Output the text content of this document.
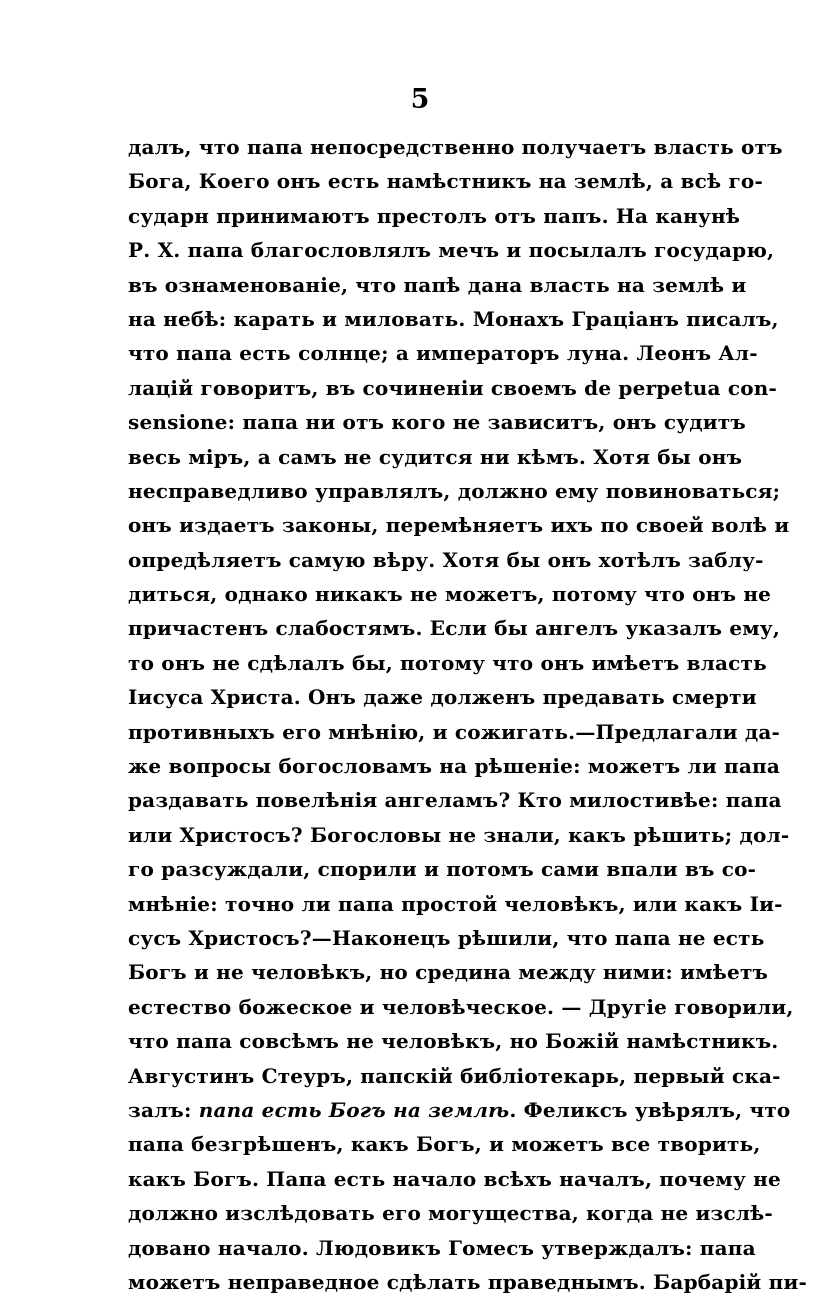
5
далъ, что папа непосредственно получаетъ власть отъ
Бога, Коего онъ есть намѣстникъ на землѣ, а всѣ го-
сударн принимаютъ престолъ отъ папъ. На канунѣ
Р. Х. папа благословлялъ мечъ и посылалъ государю,
въ ознаменованіе, что папѣ дана власть на землѣ и
на небѣ: карать и миловать. Монахъ Граціанъ писалъ,
что папа есть солнце; а императоръ луна. Леонъ Ал-
лацій говоритъ, въ сочиненіи своемъ de perpetua con-
sensione: папа ни отъ кого не зависитъ, онъ судитъ
весь міръ, а самъ не судится ни кѣмъ. Хотя бы онъ
несправедливо управлялъ, должно ему повиноваться;
онъ издаетъ законы, перемѣняетъ ихъ по своей волѣ и
опредѣляетъ самую вѣру. Хотя бы онъ хотѣлъ заблу-
диться, однако никакъ не можетъ, потому что онъ не
причастенъ слабостямъ. Если бы ангелъ указалъ ему,
то онъ не сдѣлалъ бы, потому что онъ имѣетъ власть
Іисуса Христа. Онъ даже долженъ предавать смерти
противныхъ его мнѣнію, и сожигать.—Предлагали да-
же вопросы богословамъ на рѣшеніе: можетъ ли папа
раздавать повелѣнія ангеламъ? Кто милостивѣе: папа
или Христосъ? Богословы не знали, какъ рѣшить; дол-
го разсуждали, спорили и потомъ сами впали въ со-
мнѣніе: точно ли папа простой человѣкъ, или какъ Іи-
сусъ Христосъ?—Наконецъ рѣшили, что папа не есть
Богъ и не человѣкъ, но средина между ними: имѣетъ
естество божеское и человѣческое. — Другіе говорили,
что папа совсѣмъ не человѣкъ, но Божій намѣстникъ.
Августинъ Стеуръ, папскій библіотекарь, первый ска-
залъ: папа есть Богъ на землѣ. Феликсъ увѣрялъ, что
папа безгрѣшенъ, какъ Богъ, и можетъ все творить,
какъ Богъ. Папа есть начало всѣхъ началъ, почему не
должно изслѣдовать его могущества, когда не изслѣ-
довано начало. Людовикъ Гомесъ утверждалъ: папа
можетъ неправедное сдѣлать праведнымъ. Барбарій пи-
